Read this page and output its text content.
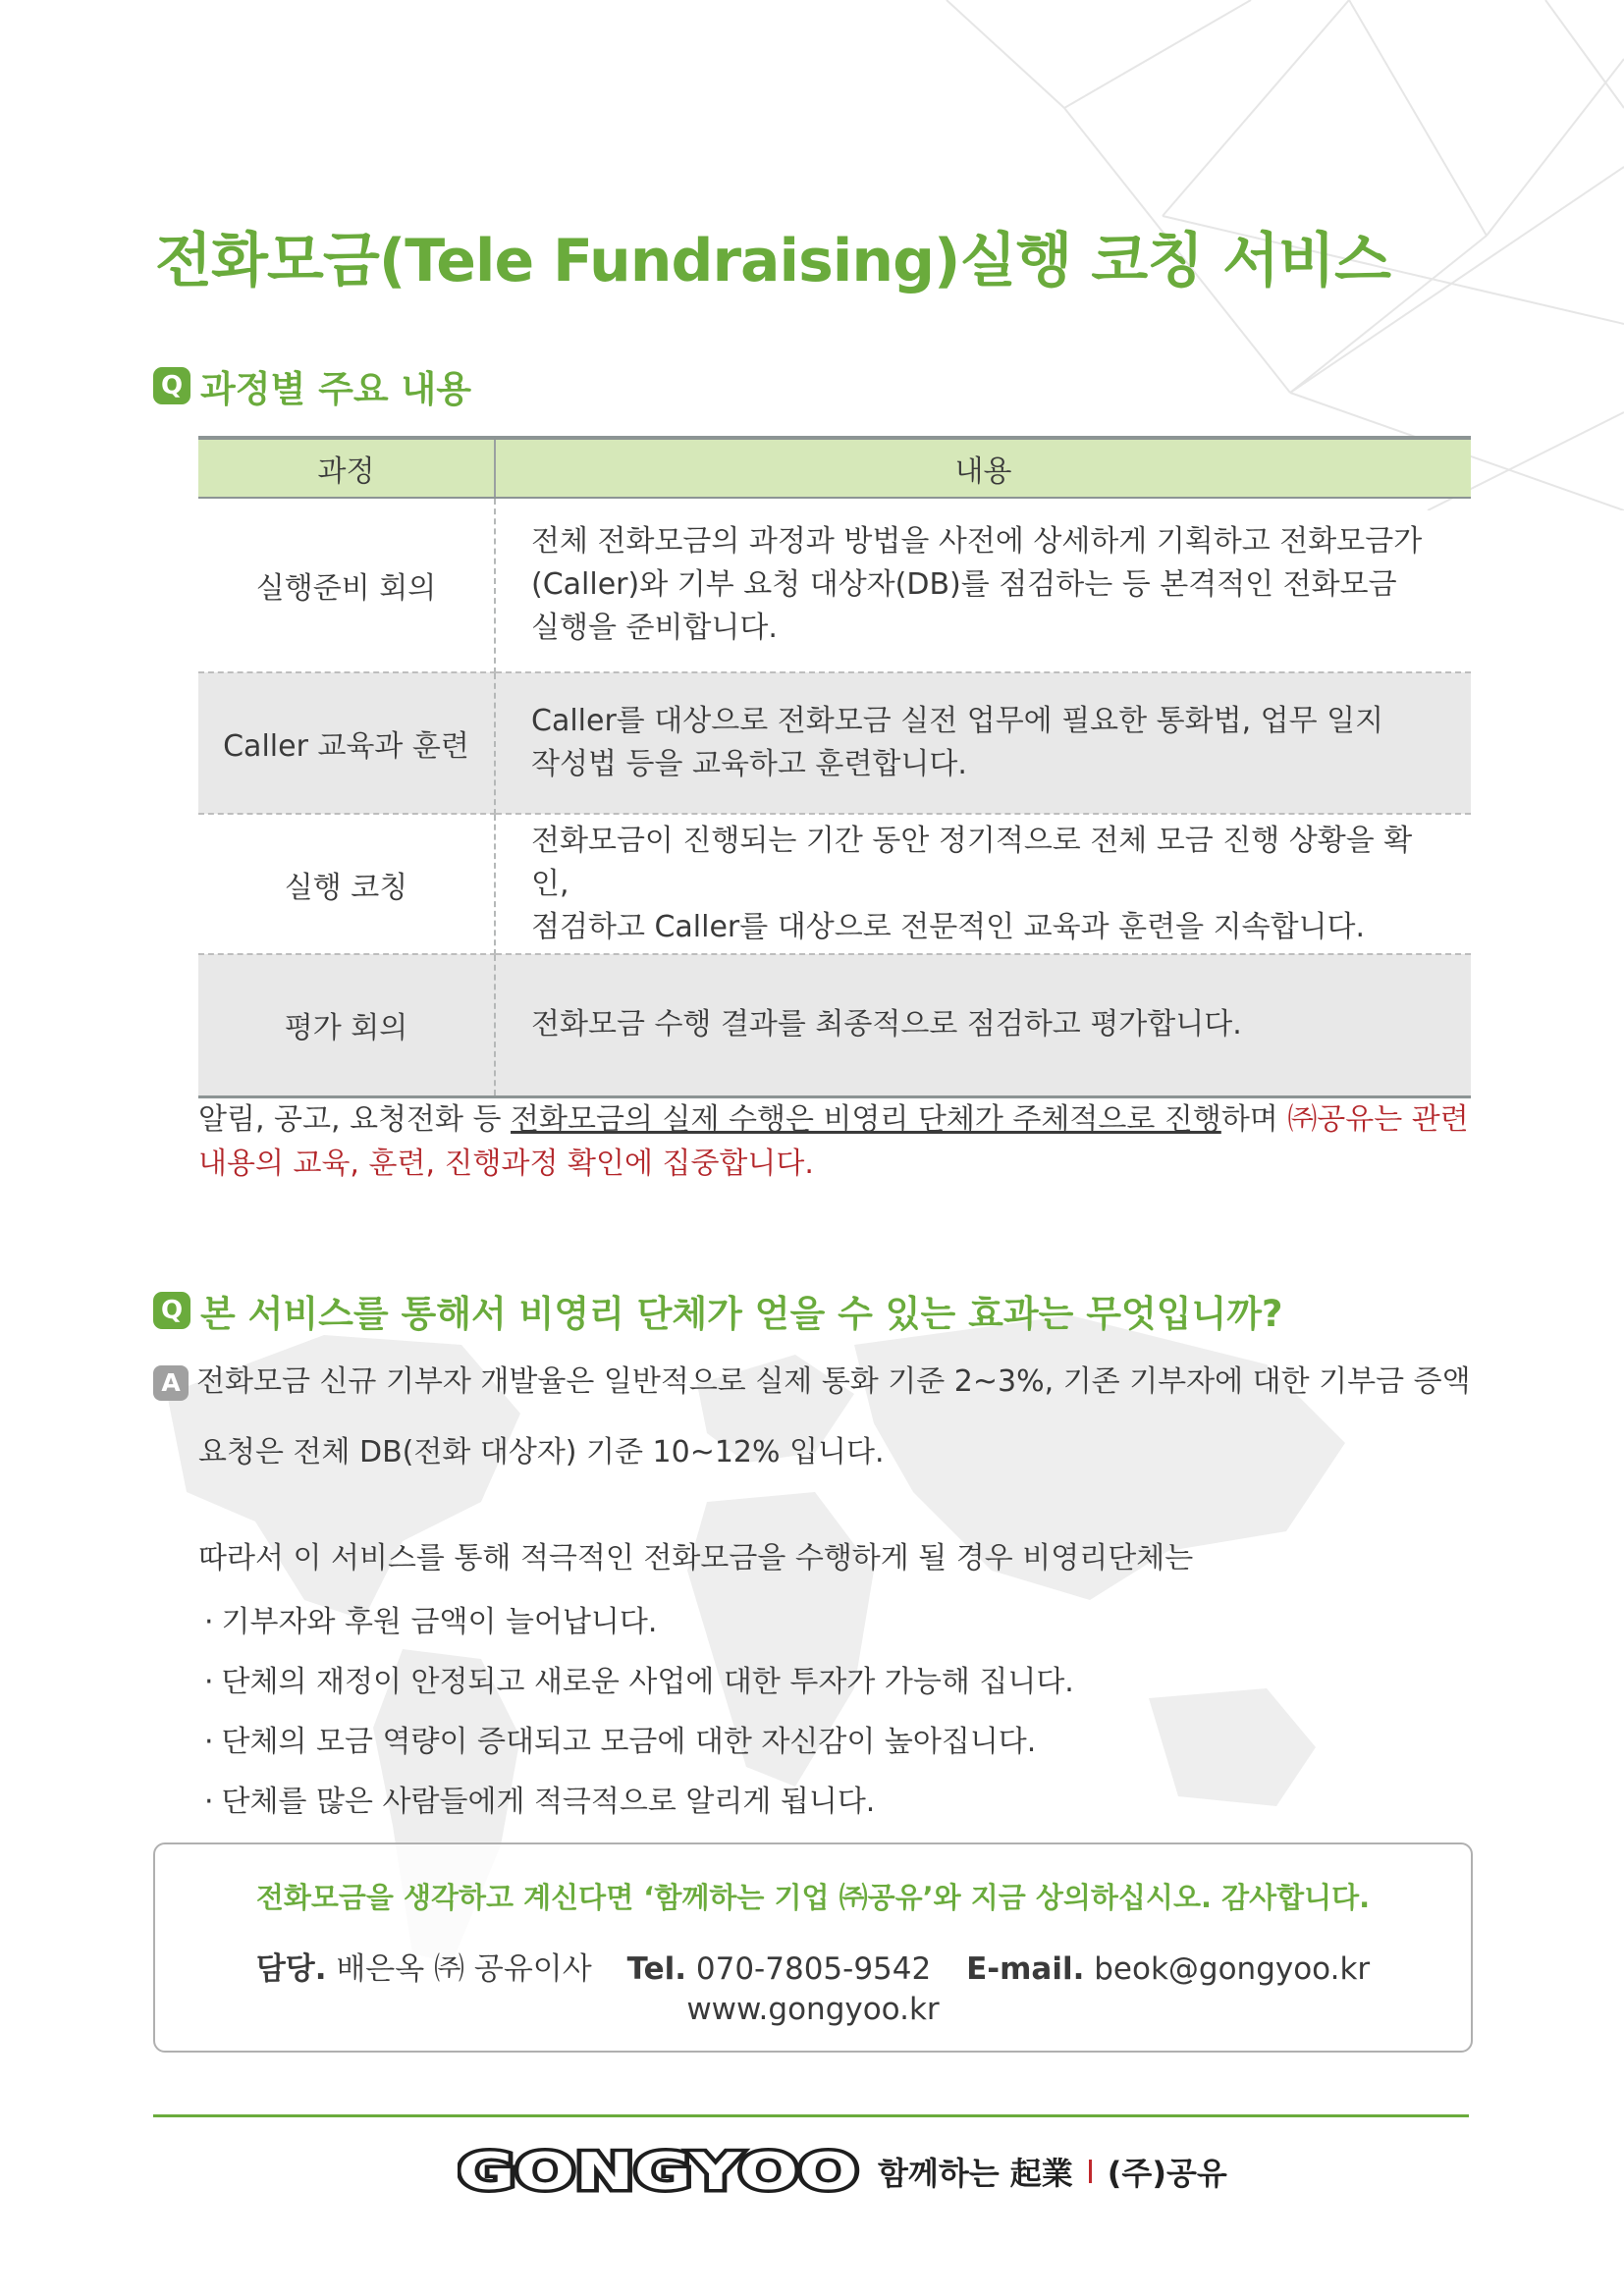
전화모금(Tele Fundraising)실행 코칭 서비스
Q 과정별 주요 내용
과정	내용
실행준비 회의	전체 전화모금의 과정과 방법을 사전에 상세하게 기획하고 전화모금가
(Caller)와 기부 요청 대상자(DB)를 점검하는 등 본격적인 전화모금
실행을 준비합니다.
Caller 교육과 훈련	Caller를 대상으로 전화모금 실전 업무에 필요한 통화법, 업무 일지
작성법 등을 교육하고 훈련합니다.
실행 코칭	전화모금이 진행되는 기간 동안 정기적으로 전체 모금 진행 상황을 확인,
점검하고 Caller를 대상으로 전문적인 교육과 훈련을 지속합니다.
평가 회의	전화모금 수행 결과를 최종적으로 점검하고 평가합니다.
알림, 공고, 요청전화 등 전화모금의 실제 수행은 비영리 단체가 주체적으로 진행하며 ㈜공유는 관련 내용의 교육, 훈련, 진행과정 확인에 집중합니다.
Q 본 서비스를 통해서 비영리 단체가 얻을 수 있는 효과는 무엇입니까?
A 전화모금 신규 기부자 개발율은 일반적으로 실제 통화 기준 2~3%, 기존 기부자에 대한 기부금 증액
요청은 전체 DB(전화 대상자) 기준 10~12% 입니다.
따라서 이 서비스를 통해 적극적인 전화모금을 수행하게 될 경우 비영리단체는
· 기부자와 후원 금액이 늘어납니다.
· 단체의 재정이 안정되고 새로운 사업에 대한 투자가 가능해 집니다.
· 단체의 모금 역량이 증대되고 모금에 대한 자신감이 높아집니다.
· 단체를 많은 사람들에게 적극적으로 알리게 됩니다.
전화모금을 생각하고 계신다면 ‘함께하는 기업 ㈜공유’와 지금 상의하십시오. 감사합니다.
담당. 배은옥 ㈜ 공유이사 Tel. 070-7805-9542 E-mail. beok@gongyoo.kr
www.gongyoo.kr
GONGYOO 함께하는 起業 (주)공유
